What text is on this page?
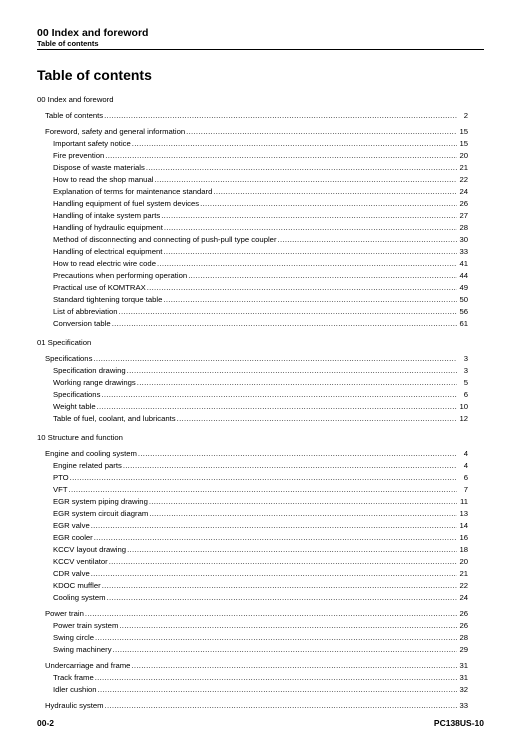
00 Index and foreword
Table of contents
Table of contents
00 Index and foreword
Table of contents .....	2
Foreword, safety and general information .....	15
Important safety notice .....	15
Fire prevention .....	20
Dispose of waste materials .....	21
How to read the shop manual .....	22
Explanation of terms for maintenance standard .....	24
Handling equipment of fuel system devices .....	26
Handling of intake system parts .....	27
Handling of hydraulic equipment .....	28
Method of disconnecting and connecting of push-pull type coupler .....	30
Handling of electrical equipment .....	33
How to read electric wire code .....	41
Precautions when performing operation .....	44
Practical use of KOMTRAX .....	49
Standard tightening torque table .....	50
List of abbreviation .....	56
Conversion table .....	61
01 Specification
Specifications .....	3
Specification drawing .....	3
Working range drawings .....	5
Specifications .....	6
Weight table .....	10
Table of fuel, coolant, and lubricants .....	12
10 Structure and function
Engine and cooling system .....	4
Engine related parts .....	4
PTO .....	6
VFT .....	7
EGR system piping drawing .....	11
EGR system circuit diagram .....	13
EGR valve .....	14
EGR cooler .....	16
KCCV layout drawing .....	18
KCCV ventilator .....	20
CDR valve .....	21
KDOC muffler .....	22
Cooling system .....	24
Power train .....	26
Power train system .....	26
Swing circle .....	28
Swing machinery .....	29
Undercarriage and frame .....	31
Track frame .....	31
Idler cushion .....	32
Hydraulic system .....	33
00-2	PC138US-10
